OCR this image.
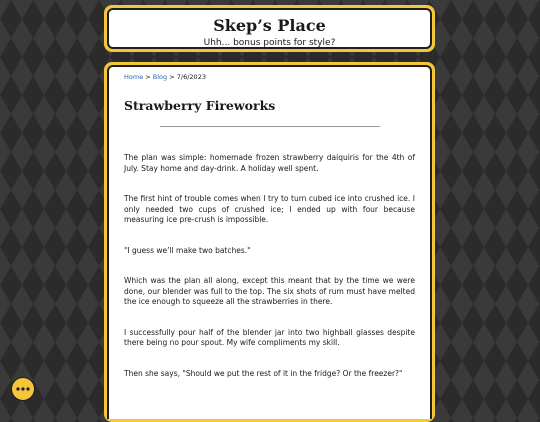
Skep’s Place
Uhh... bonus points for style?
Home > Blog > 7/6/2023
Strawberry Fireworks

The plan was simple: homemade frozen strawberry daiquiris for the 4th of July. Stay home and day-drink. A holiday well spent.

The first hint of trouble comes when I try to turn cubed ice into crushed ice. I only needed two cups of crushed ice; I ended up with four because measuring ice pre-crush is impossible.

"I guess we’ll make two batches."

Which was the plan all along, except this meant that by the time we were done, our blender was full to the top. The six shots of rum must have melted the ice enough to squeeze all the strawberries in there.

I successfully pour half of the blender jar into two highball glasses despite there being no pour spout. My wife compliments my skill.

Then she says, "Should we put the rest of it in the fridge? Or the freezer?"
